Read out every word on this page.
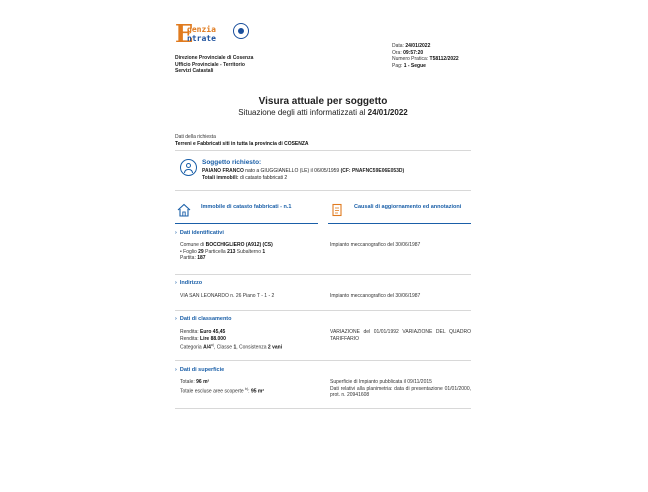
E
genzia
ntrate
Direzione Provinciale di Cosenza
Ufficio Provinciale - Territorio
Servizi Catastali
Data: 24/01/2022
Ora: 09:57:20
Numero Pratica: T58112/2022
Pag: 1 - Segue
Visura attuale per soggetto
Situazione degli atti informatizzati al 24/01/2022
Dati della richiesta
Terreni e Fabbricati siti in tutta la provincia di COSENZA
Soggetto richiesto:
PAIANO FRANCO nato a GIUGGIANELLO (LE) il 06/05/1959 (CF: PNAFNC59E06E053D)
Totali immobili: di catasto fabbricati 2
Immobile di catasto fabbricati - n.1	Causali di aggiornamento ed annotazioni
› Dati identificativi
Comune di BOCCHIGLIERO (A912) (CS)
• Foglio 29 Particella 213 Subalterno 1
Partita: 187
Impianto meccanografico del 30/06/1987
› Indirizzo
VIA SAN LEONARDO n. 26 Piano T - 1 - 2	Impianto meccanografico del 30/06/1987
› Dati di classamento
Rendita: Euro 45,45
Rendita: Lire 88.000
Categoria A/4$^{a)}$, Classe 1, Consistenza 2 vani
VARIAZIONE del 01/01/1992 VARIAZIONE DEL QUADRO TARIFFARIO
› Dati di superficie
Totale: 96 m²
Totale escluse aree scoperte $^{b)}$: 95 m²
Superficie di Impianto pubblicata il 09/11/2015
Dati relativi alla planimetria: data di presentazione 01/01/2000, prot. n. 20941608
